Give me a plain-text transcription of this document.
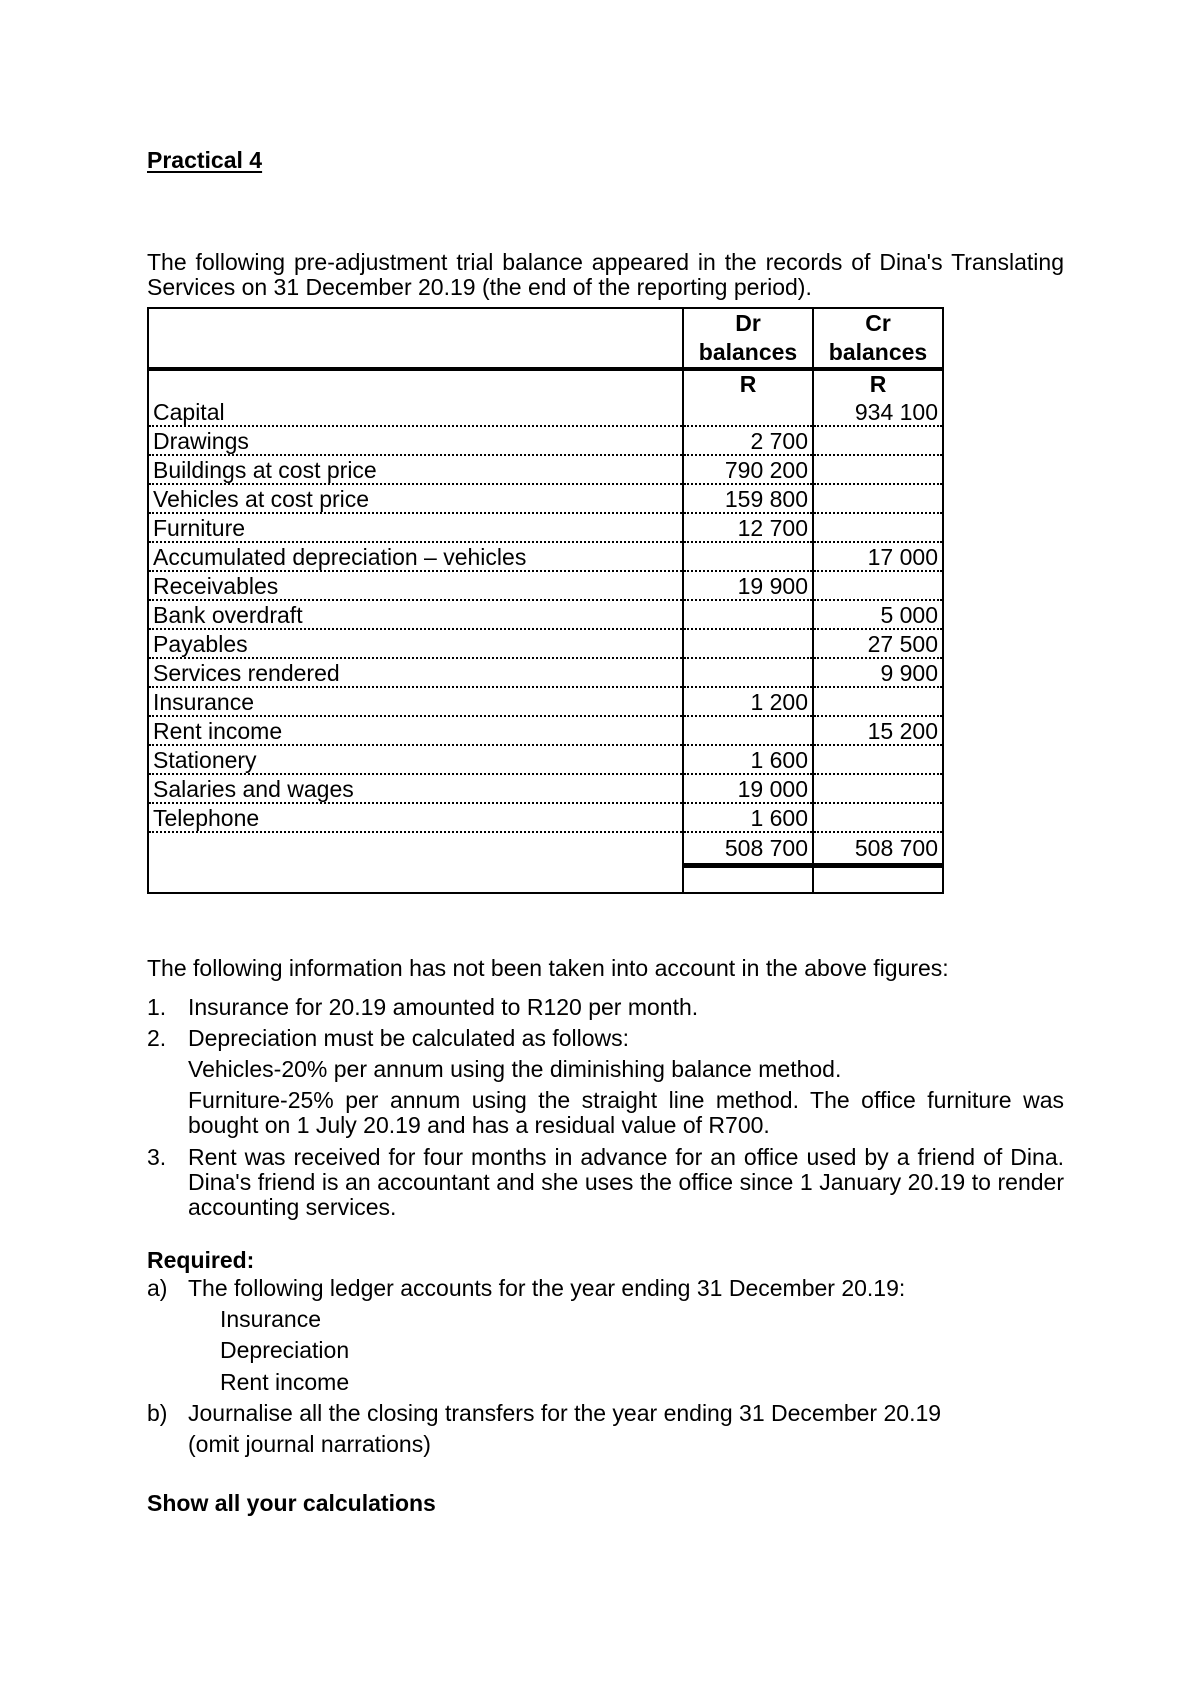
Practical 4
The following pre-adjustment trial balance appeared in the records of Dina's Translating Services on 31 December 20.19 (the end of the reporting period).
	Dr balances	Cr balances
	R	R
Capital		934 100
Drawings	2 700	
Buildings at cost price	790 200	
Vehicles at cost price	159 800	
Furniture	12 700	
Accumulated depreciation – vehicles		17 000
Receivables	19 900	
Bank overdraft		5 000
Payables		27 500
Services rendered		9 900
Insurance	1 200	
Rent income		15 200
Stationery	1 600	
Salaries and wages	19 000	
Telephone	1 600	
	508 700	508 700

The following information has not been taken into account in the above figures:
1. Insurance for 20.19 amounted to R120 per month.
2. Depreciation must be calculated as follows:
Vehicles-20% per annum using the diminishing balance method.
Furniture-25% per annum using the straight line method. The office furniture was bought on 1 July 20.19 and has a residual value of R700.
3. Rent was received for four months in advance for an office used by a friend of Dina. Dina's friend is an accountant and she uses the office since 1 January 20.19 to render accounting services.
Required:
a) The following ledger accounts for the year ending 31 December 20.19:
Insurance
Depreciation
Rent income
b) Journalise all the closing transfers for the year ending 31 December 20.19
(omit journal narrations)
Show all your calculations
